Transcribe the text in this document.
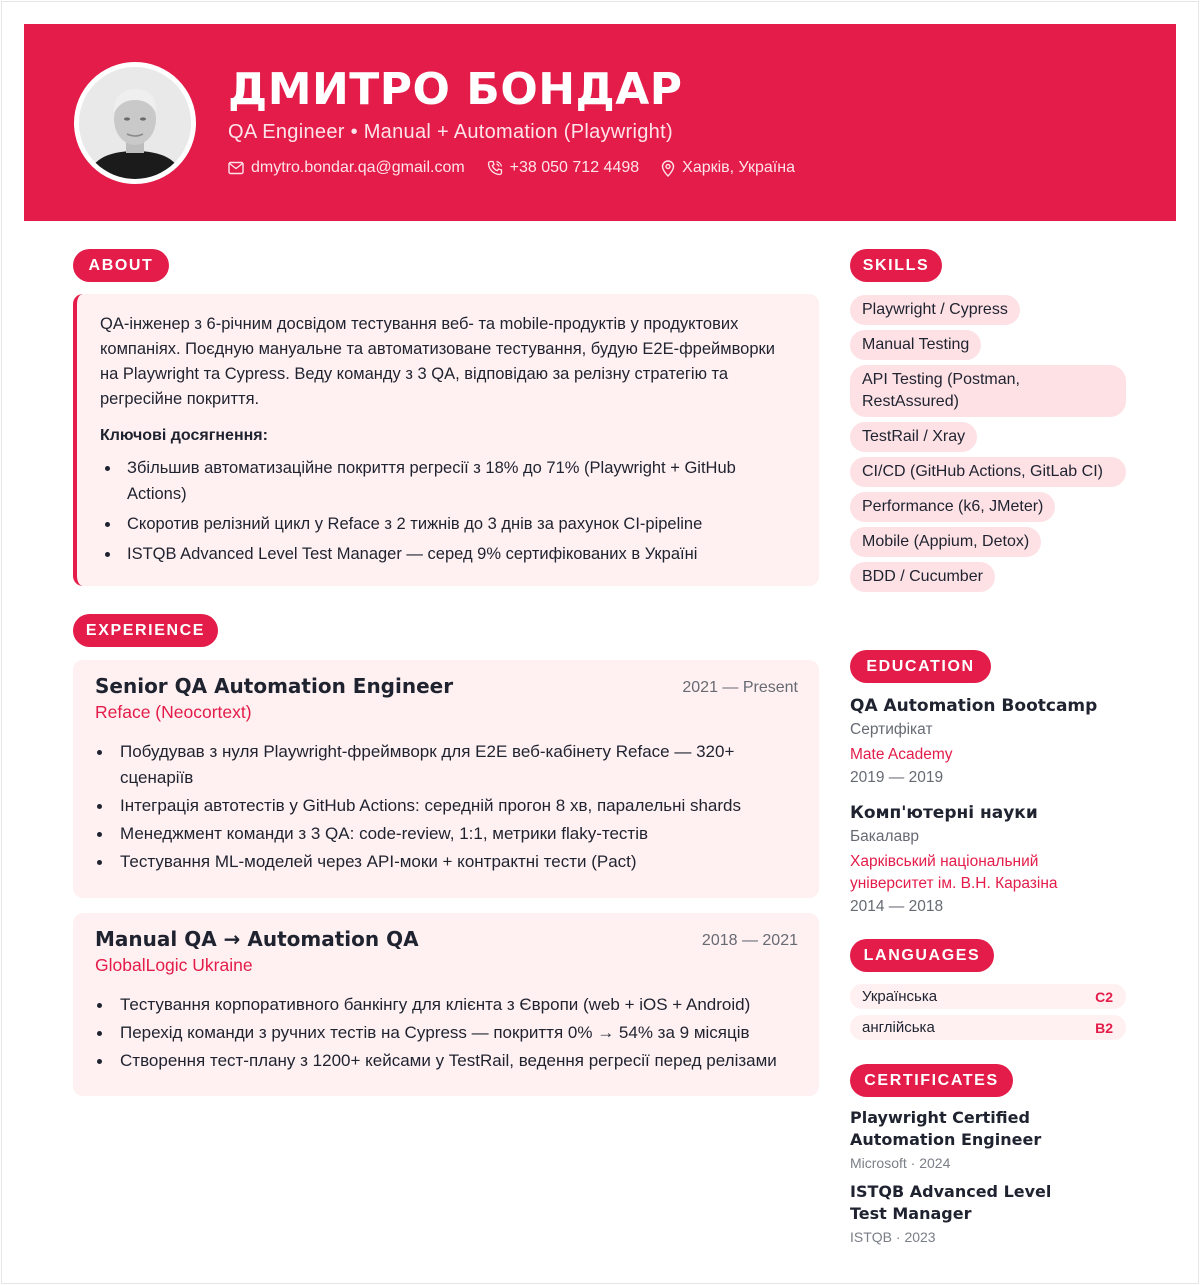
ДМИТРО БОНДАР
QA Engineer • Manual + Automation (Playwright)
dmytro.bondar.qa@gmail.com	+38 050 712 4498	Харків, Україна
ABOUT

QA-інженер з 6-річним досвідом тестування веб- та mobile-продуктів у продуктових компаніях. Поєдную мануальне та автоматизоване тестування, будую E2E-фреймворки на Playwright та Cypress. Веду команду з 3 QA, відповідаю за релізну стратегію та регресійне покриття.

Ключові досягнення:
Збільшив автоматизаційне покриття регресії з 18% до 71% (Playwright + GitHub Actions)
Скоротив релізний цикл у Reface з 2 тижнів до 3 днів за рахунок CI-pipeline
ISTQB Advanced Level Test Manager — серед 9% сертифікованих в Україні
EXPERIENCE
Senior QA Automation Engineer	2021 — Present
Reface (Neocortext)
Побудував з нуля Playwright-фреймворк для E2E веб-кабінету Reface — 320+ сценаріїв
Інтеграція автотестів у GitHub Actions: середній прогон 8 хв, паралельні shards
Менеджмент команди з 3 QA: code-review, 1:1, метрики flaky-тестів
Тестування ML-моделей через API-моки + контрактні тести (Pact)
Manual QA → Automation QA	2018 — 2021
GlobalLogic Ukraine
Тестування корпоративного банкінгу для клієнта з Європи (web + iOS + Android)
Перехід команди з ручних тестів на Cypress — покриття 0% → 54% за 9 місяців
Створення тест-плану з 1200+ кейсами у TestRail, ведення регресії перед релізами
SKILLS
Playwright / Cypress
Manual Testing
API Testing (Postman, RestAssured)
TestRail / Xray
CI/CD (GitHub Actions, GitLab CI)
Performance (k6, JMeter)
Mobile (Appium, Detox)
BDD / Cucumber
EDUCATION
QA Automation Bootcamp
Сертифікат
Mate Academy
2019 — 2019
Комп'ютерні науки
Бакалавр
Харківський національний університет ім. В.Н. Каразіна
2014 — 2018
LANGUAGES
Українська	C2
англійська	B2
CERTIFICATES
Playwright Certified Automation Engineer
Microsoft · 2024
ISTQB Advanced Level Test Manager
ISTQB · 2023
